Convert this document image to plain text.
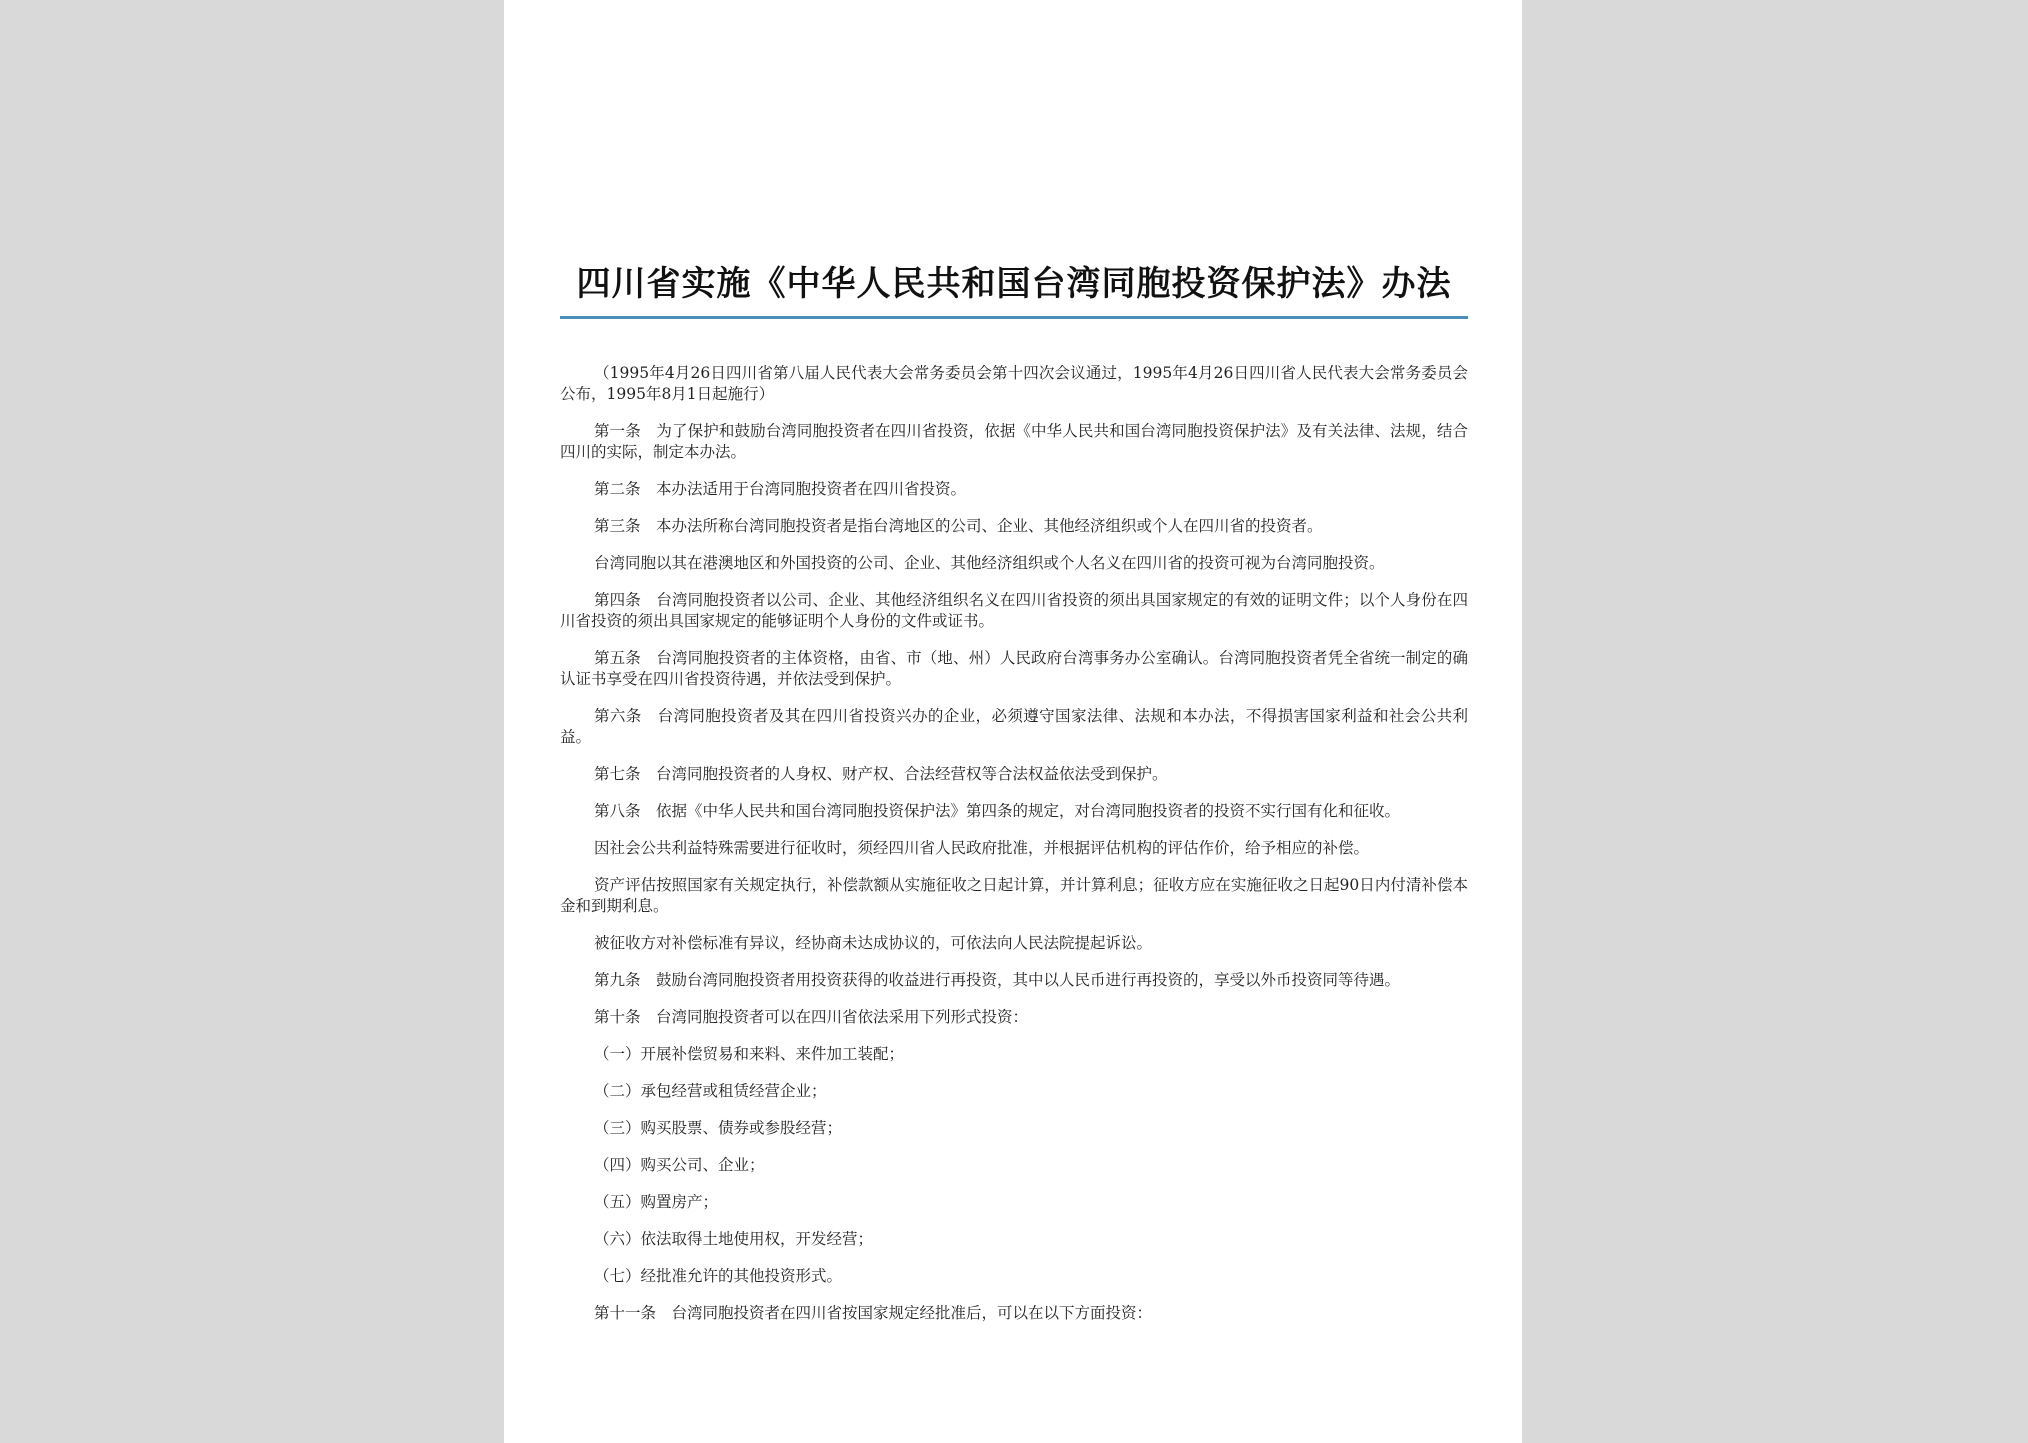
四川省实施《中华人民共和国台湾同胞投资保护法》办法

（1995年4月26日四川省第八届人民代表大会常务委员会第十四次会议通过，1995年4月26日四川省人民代表大会常务委员会公布，1995年8月1日起施行）

第一条　为了保护和鼓励台湾同胞投资者在四川省投资，依据《中华人民共和国台湾同胞投资保护法》及有关法律、法规，结合四川的实际，制定本办法。

第二条　本办法适用于台湾同胞投资者在四川省投资。

第三条　本办法所称台湾同胞投资者是指台湾地区的公司、企业、其他经济组织或个人在四川省的投资者。

台湾同胞以其在港澳地区和外国投资的公司、企业、其他经济组织或个人名义在四川省的投资可视为台湾同胞投资。

第四条　台湾同胞投资者以公司、企业、其他经济组织名义在四川省投资的须出具国家规定的有效的证明文件；以个人身份在四川省投资的须出具国家规定的能够证明个人身份的文件或证书。

第五条　台湾同胞投资者的主体资格，由省、市（地、州）人民政府台湾事务办公室确认。台湾同胞投资者凭全省统一制定的确认证书享受在四川省投资待遇，并依法受到保护。

第六条　台湾同胞投资者及其在四川省投资兴办的企业，必须遵守国家法律、法规和本办法，不得损害国家利益和社会公共利益。

第七条　台湾同胞投资者的人身权、财产权、合法经营权等合法权益依法受到保护。

第八条　依据《中华人民共和国台湾同胞投资保护法》第四条的规定，对台湾同胞投资者的投资不实行国有化和征收。

因社会公共利益特殊需要进行征收时，须经四川省人民政府批准，并根据评估机构的评估作价，给予相应的补偿。

资产评估按照国家有关规定执行，补偿款额从实施征收之日起计算，并计算利息；征收方应在实施征收之日起90日内付清补偿本金和到期利息。

被征收方对补偿标准有异议，经协商未达成协议的，可依法向人民法院提起诉讼。

第九条　鼓励台湾同胞投资者用投资获得的收益进行再投资，其中以人民币进行再投资的，享受以外币投资同等待遇。

第十条　台湾同胞投资者可以在四川省依法采用下列形式投资：

（一）开展补偿贸易和来料、来件加工装配；

（二）承包经营或租赁经营企业；

（三）购买股票、债券或参股经营；

（四）购买公司、企业；

（五）购置房产；

（六）依法取得土地使用权，开发经营；

（七）经批准允许的其他投资形式。

第十一条　台湾同胞投资者在四川省按国家规定经批准后，可以在以下方面投资：
